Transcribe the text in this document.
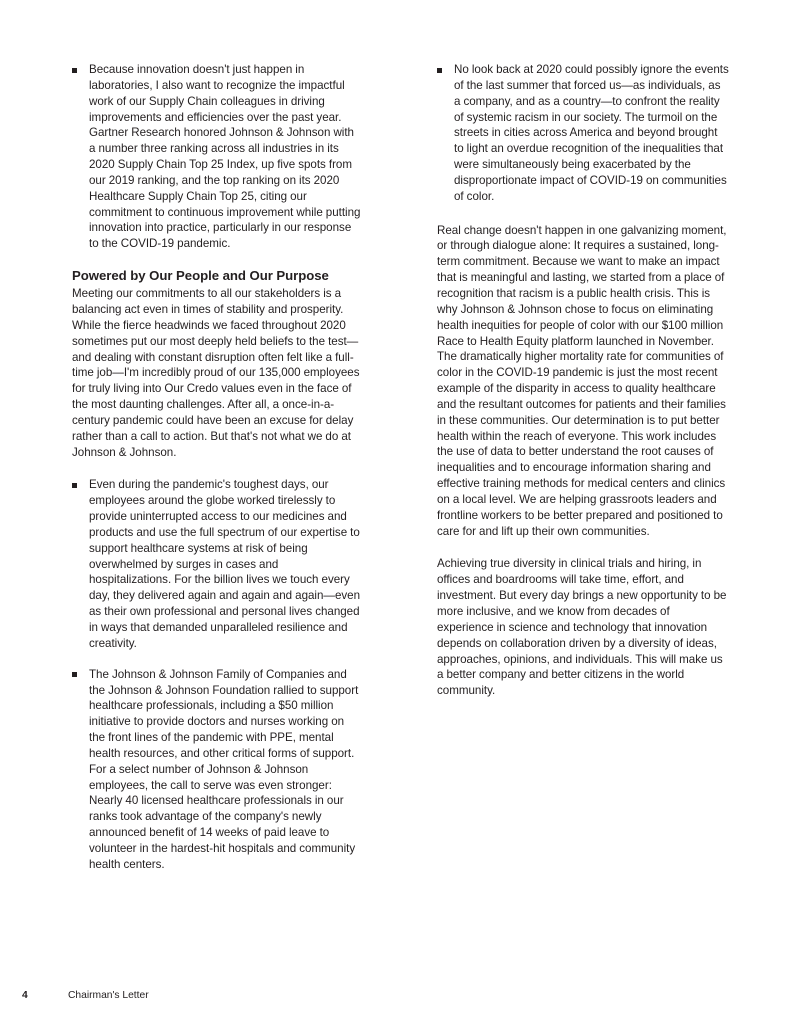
Because innovation doesn't just happen in laboratories, I also want to recognize the impactful work of our Supply Chain colleagues in driving improvements and efficiencies over the past year. Gartner Research honored Johnson & Johnson with a number three ranking across all industries in its 2020 Supply Chain Top 25 Index, up five spots from our 2019 ranking, and the top ranking on its 2020 Healthcare Supply Chain Top 25, citing our commitment to continuous improvement while putting innovation into practice, particularly in our response to the COVID-19 pandemic.
Powered by Our People and Our Purpose

Meeting our commitments to all our stakeholders is a balancing act even in times of stability and prosperity. While the fierce headwinds we faced throughout 2020 sometimes put our most deeply held beliefs to the test—and dealing with constant disruption often felt like a full-time job—I'm incredibly proud of our 135,000 employees for truly living into Our Credo values even in the face of the most daunting challenges. After all, a once-in-a-century pandemic could have been an excuse for delay rather than a call to action. But that's not what we do at Johnson & Johnson.

Even during the pandemic's toughest days, our employees around the globe worked tirelessly to provide uninterrupted access to our medicines and products and use the full spectrum of our expertise to support healthcare systems at risk of being overwhelmed by surges in cases and hospitalizations. For the billion lives we touch every day, they delivered again and again and again—even as their own professional and personal lives changed in ways that demanded unparalleled resilience and creativity.
The Johnson & Johnson Family of Companies and the Johnson & Johnson Foundation rallied to support healthcare professionals, including a $50 million initiative to provide doctors and nurses working on the front lines of the pandemic with PPE, mental health resources, and other critical forms of support. For a select number of Johnson & Johnson employees, the call to serve was even stronger: Nearly 40 licensed healthcare professionals in our ranks took advantage of the company's newly announced benefit of 14 weeks of paid leave to volunteer in the hardest-hit hospitals and community health centers.
No look back at 2020 could possibly ignore the events of the last summer that forced us—as individuals, as a company, and as a country—to confront the reality of systemic racism in our society. The turmoil on the streets in cities across America and beyond brought to light an overdue recognition of the inequalities that were simultaneously being exacerbated by the disproportionate impact of COVID-19 on communities of color.

Real change doesn't happen in one galvanizing moment, or through dialogue alone: It requires a sustained, long-term commitment. Because we want to make an impact that is meaningful and lasting, we started from a place of recognition that racism is a public health crisis. This is why Johnson & Johnson chose to focus on eliminating health inequities for people of color with our $100 million Race to Health Equity platform launched in November. The dramatically higher mortality rate for communities of color in the COVID-19 pandemic is just the most recent example of the disparity in access to quality healthcare and the resultant outcomes for patients and their families in these communities. Our determination is to put better health within the reach of everyone. This work includes the use of data to better understand the root causes of inequalities and to encourage information sharing and effective training methods for medical centers and clinics on a local level. We are helping grassroots leaders and frontline workers to be better prepared and positioned to care for and lift up their own communities.

Achieving true diversity in clinical trials and hiring, in offices and boardrooms will take time, effort, and investment. But every day brings a new opportunity to be more inclusive, and we know from decades of experience in science and technology that innovation depends on collaboration driven by a diversity of ideas, approaches, opinions, and individuals. This will make us a better company and better citizens in the world community.

4	Chairman's Letter
